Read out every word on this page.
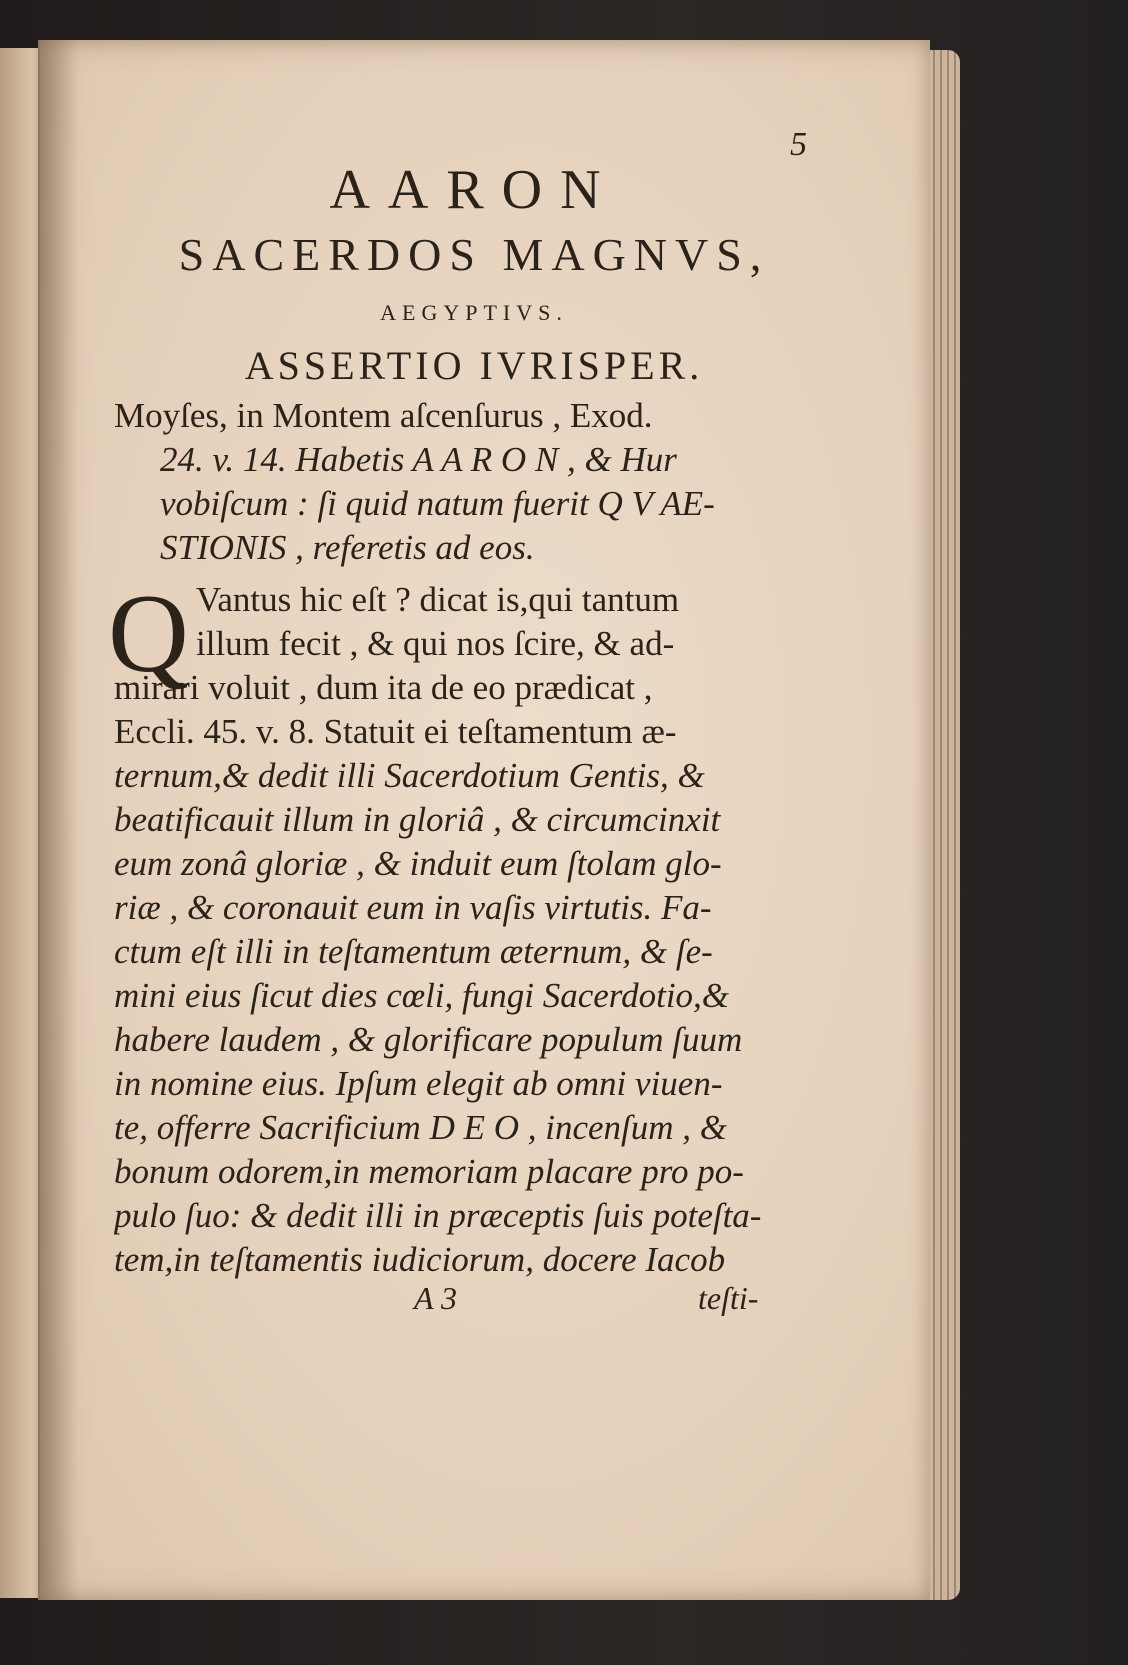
5
AARON
SACERDOS MAGNVS,
AEGYPTIVS.
ASSERTIO IVRISPER.
Moyſes, in Montem aſcenſurus , Exod.
24. v. 14. Habetis A A R O N , & Hur
vobiſcum : ſi quid natum fuerit Q V AE-
STIONIS , referetis ad eos.
Q Vantus hic eſt ? dicat is,qui tantum
illum fecit , & qui nos ſcire, & ad-
mirari voluit , dum ita de eo prædicat ,
Eccli. 45. v. 8. Statuit ei teſtamentum æ-
ternum,& dedit illi Sacerdotium Gentis, &
beatificauit illum in gloriâ , & circumcinxit
eum zonâ gloriæ , & induit eum ſtolam glo-
riæ , & coronauit eum in vaſis virtutis. Fa-
ctum eſt illi in teſtamentum æternum, & ſe-
mini eius ſicut dies cœli, fungi Sacerdotio,&
habere laudem , & glorificare populum ſuum
in nomine eius. Ipſum elegit ab omni viuen-
te, offerre Sacrificium D E O , incenſum , &
bonum odorem,in memoriam placare pro po-
pulo ſuo: & dedit illi in præceptis ſuis poteſta-
tem,in teſtamentis iudiciorum, docere Iacob
A 3	teſti-
